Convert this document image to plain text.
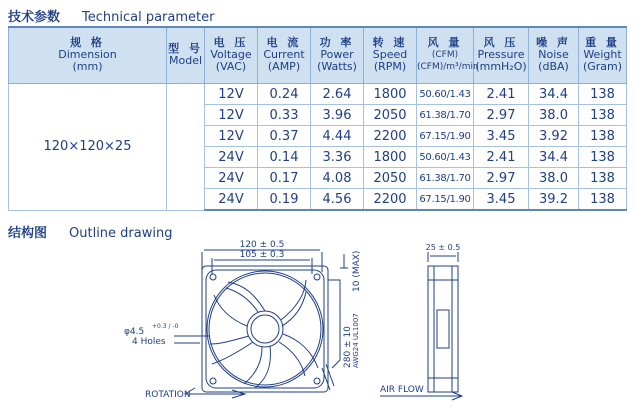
技术参数 Technical parameter
规 格
Dimension
(mm)	型 号
Model	电 压
Voltage
(VAC)	电 流
Current
(AMP)	功 率
Power
(Watts)	转 速
Speed
(RPM)	风 量
(CFM)
(CFM)/m³/min	风 压
Pressure
(mmH₂O)	噪 声
Noise
(dBA)	重 量
Weight
(Gram)
120×120×25		12V	0.24	2.64	1800	50.60/1.43	2.41	34.4	138
		12V	0.33	3.96	2050	61.38/1.70	2.97	38.0	138
		12V	0.37	4.44	2200	67.15/1.90	3.45	3.92	138
		24V	0.14	3.36	1800	50.60/1.43	2.41	34.4	138
		24V	0.17	4.08	2050	61.38/1.70	2.97	38.0	138
		24V	0.19	4.56	2200	67.15/1.90	3.45	39.2	138
结构图 Outline drawing
120 ± 0.5
105 ± 0.3	10 (MAX)
φ4.5
+0.3 / -0
4 Holes	280 ± 10 AWG24 UL1007
ROTATION
25 ± 0.5
AIR FLOW
